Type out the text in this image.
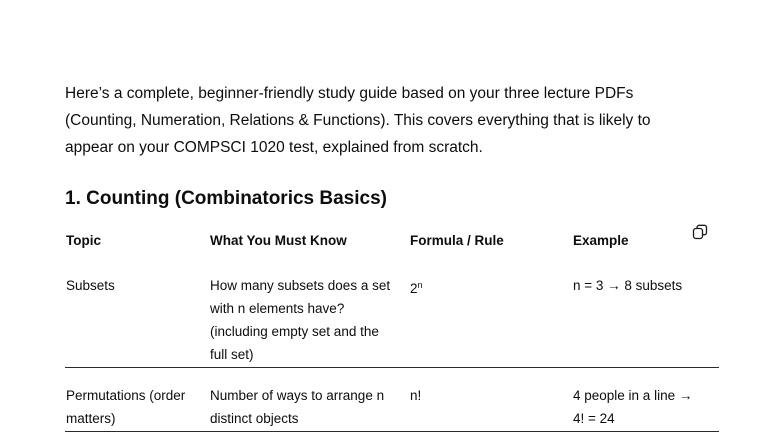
Here’s a complete, beginner-friendly study guide based on your three lecture PDFs
(Counting, Numeration, Relations & Functions). This covers everything that is likely to
appear on your COMPSCI 1020 test, explained from scratch.

1. Counting (Combinatorics Basics)
Topic	What You Must Know	Formula / Rule	Example
Subsets	How many subsets does a set with n elements have? (including empty set and the full set)	2$^n$	n = 3 → 8 subsets
Permutations (order matters)	Number of ways to arrange n distinct objects	n!	4 people in a line → 4! = 24
